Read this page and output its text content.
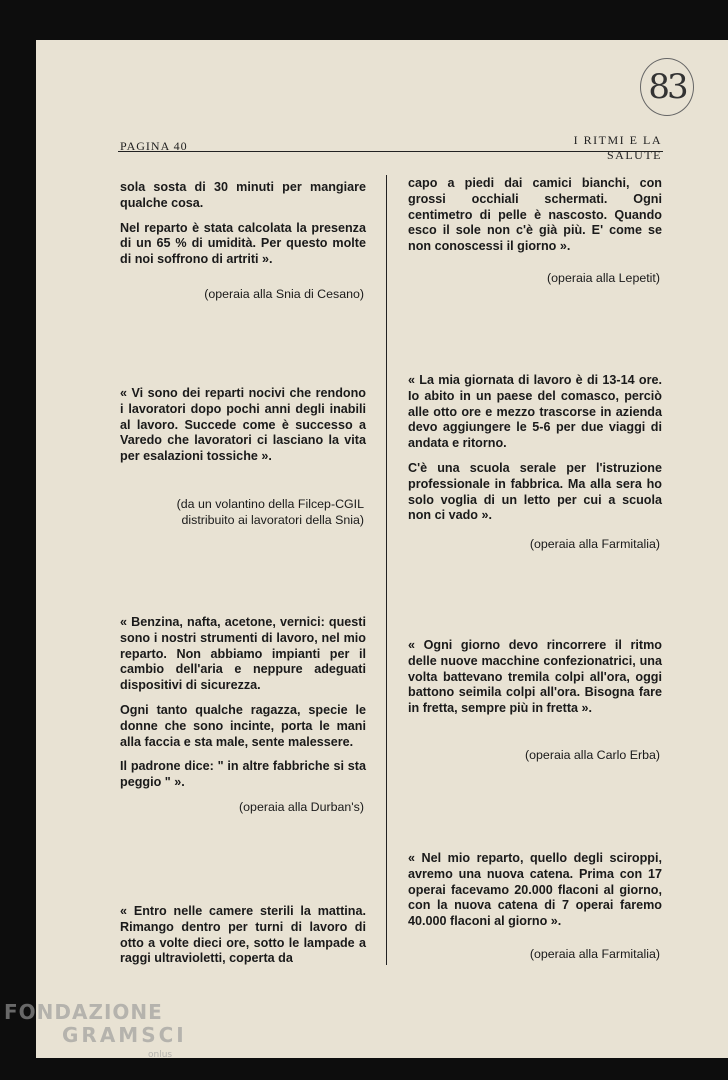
83
PAGINA 40	I RITMI E LA SALUTE

sola sosta di 30 minuti per mangiare qualche cosa.

Nel reparto è stata calcolata la presenza di un 65 % di umidità. Per questo molte di noi soffrono di artriti ».

(operaia alla Snia di Cesano)

« Vi sono dei reparti nocivi che rendono i lavoratori dopo pochi anni degli inabili al lavoro. Succede come è successo a Varedo che lavoratori ci lasciano la vita per esalazioni tossiche ».

(da un volantino della Filcep-CGIL
distribuito ai lavoratori della Snia)

« Benzina, nafta, acetone, vernici: questi sono i nostri strumenti di lavoro, nel mio reparto. Non abbiamo impianti per il cambio dell'aria e neppure adeguati dispositivi di sicurezza.

Ogni tanto qualche ragazza, specie le donne che sono incinte, porta le mani alla faccia e sta male, sente malessere.

Il padrone dice: " in altre fabbriche si sta peggio " ».

(operaia alla Durban's)

« Entro nelle camere sterili la mattina. Rimango dentro per turni di lavoro di otto a volte dieci ore, sotto le lampade a raggi ultravioletti, coperta da

capo a piedi dai camici bianchi, con grossi occhiali schermati. Ogni centimetro di pelle è nascosto. Quando esco il sole non c'è già più. E' come se non conoscessi il giorno ».

(operaia alla Lepetit)

« La mia giornata di lavoro è di 13-14 ore. Io abito in un paese del comasco, perciò alle otto ore e mezzo trascorse in azienda devo aggiungere le 5-6 per due viaggi di andata e ritorno.

C'è una scuola serale per l'istruzione professionale in fabbrica. Ma alla sera ho solo voglia di un letto per cui a scuola non ci vado ».

(operaia alla Farmitalia)

« Ogni giorno devo rincorrere il ritmo delle nuove macchine confezionatrici, una volta battevano tremila colpi all'ora, oggi battono seimila colpi all'ora. Bisogna fare in fretta, sempre più in fretta ».

(operaia alla Carlo Erba)

« Nel mio reparto, quello degli sciroppi, avremo una nuova catena. Prima con 17 operai facevamo 20.000 flaconi al giorno, con la nuova catena di 7 operai faremo 40.000 flaconi al giorno ».

(operaia alla Farmitalia)
FONDAZIONE
GRAMSCI
onlus
